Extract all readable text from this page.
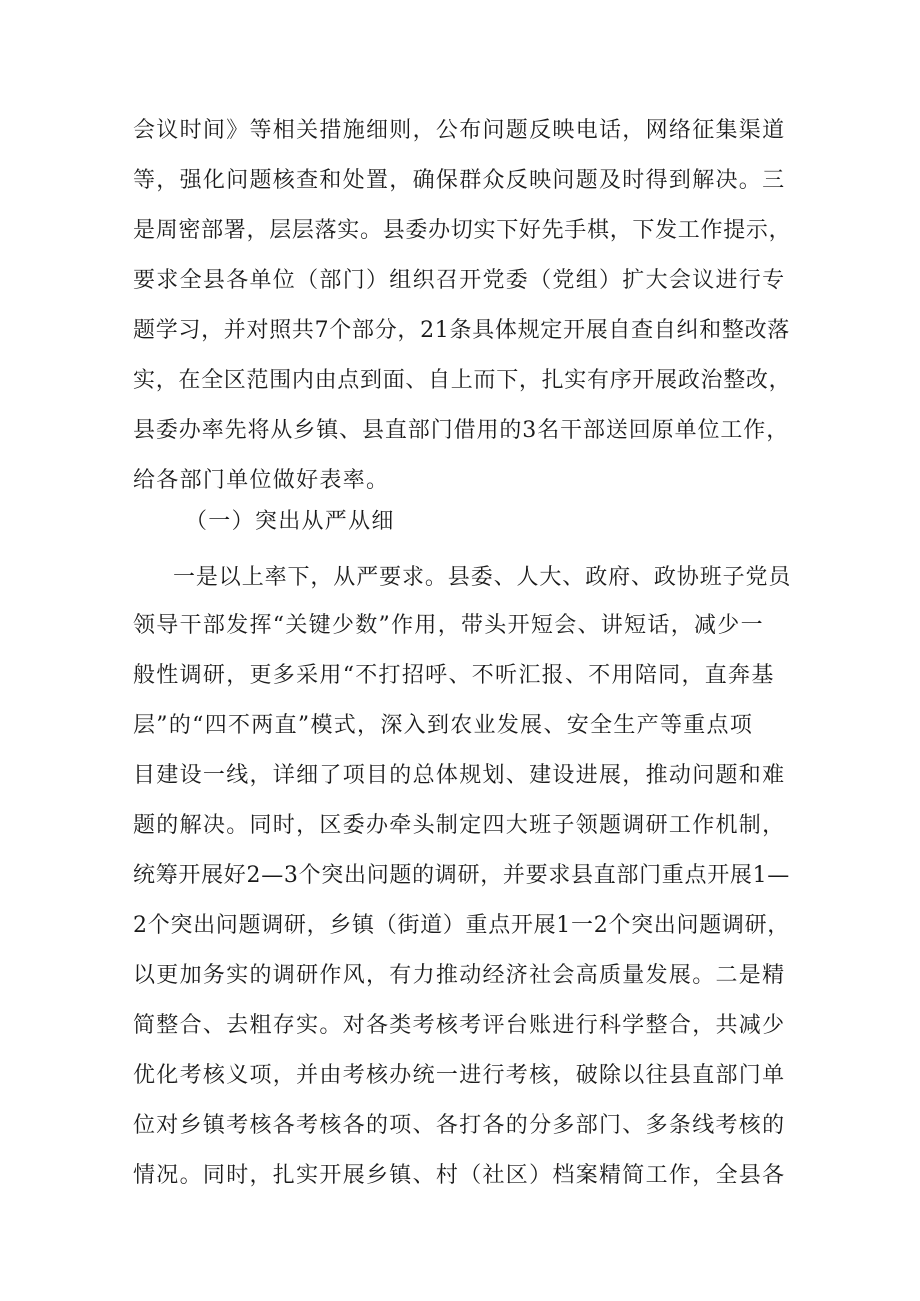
会议时间》等相关措施细则，公布问题反映电话，网络征集渠道
等，强化问题核查和处置，确保群众反映问题及时得到解决。三
是周密部署，层层落实。县委办切实下好先手棋，下发工作提示，
要求全县各单位（部门）组织召开党委（党组）扩大会议进行专
题学习，并对照共7个部分，21条具体规定开展自查自纠和整改落
实，在全区范围内由点到面、自上而下，扎实有序开展政治整改，
县委办率先将从乡镇、县直部门借用的3名干部送回原单位工作，
给各部门单位做好表率。
（一）突出从严从细
一是以上率下，从严要求。县委、人大、政府、政协班子党员
领导干部发挥“关键少数”作用，带头开短会、讲短话，减少一
般性调研，更多采用“不打招呼、不听汇报、不用陪同，直奔基
层”的“四不两直”模式，深入到农业发展、安全生产等重点项
目建设一线，详细了项目的总体规划、建设进展，推动问题和难
题的解决。同时，区委办牵头制定四大班子领题调研工作机制，
统筹开展好2—3个突出问题的调研，并要求县直部门重点开展1—
2个突出问题调研，乡镇（街道）重点开展1一2个突出问题调研，
以更加务实的调研作风，有力推动经济社会高质量发展。二是精
简整合、去粗存实。对各类考核考评台账进行科学整合，共减少
优化考核义项，并由考核办统一进行考核，破除以往县直部门单
位对乡镇考核各考核各的项、各打各的分多部门、多条线考核的
情况。同时，扎实开展乡镇、村（社区）档案精简工作，全县各
